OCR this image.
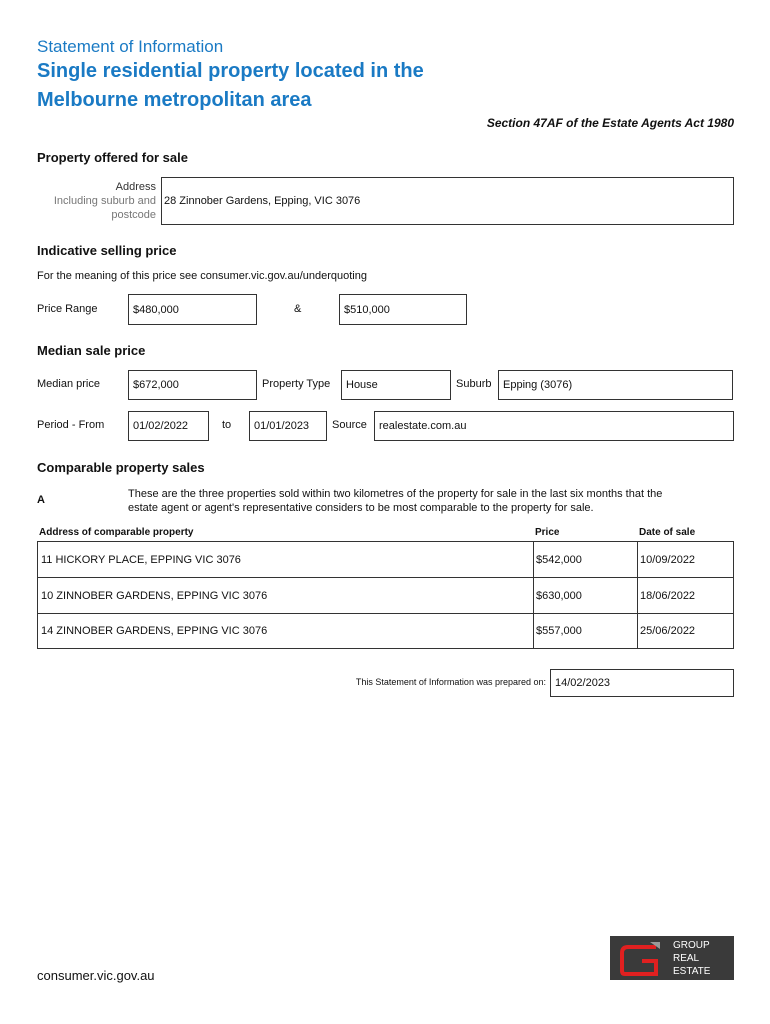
Statement of Information
Single residential property located in the
Melbourne metropolitan area
Section 47AF of the Estate Agents Act 1980
Property offered for sale
Address
Including suburb and
postcode
28 Zinnober Gardens, Epping, VIC 3076
Indicative selling price
For the meaning of this price see consumer.vic.gov.au/underquoting
Price Range	$480,000	&	$510,000
Median sale price
Median price	$672,000	Property Type	House	Suburb	Epping (3076)
Period - From	01/02/2022	to	01/01/2023	Source	realestate.com.au
Comparable property sales
A	These are the three properties sold within two kilometres of the property for sale in the last six months that the
estate agent or agent's representative considers to be most comparable to the property for sale.
Address of comparable property	Price	Date of sale
11 HICKORY PLACE, EPPING VIC 3076	$542,000	10/09/2022
10 ZINNOBER GARDENS, EPPING VIC 3076	$630,000	18/06/2022
14 ZINNOBER GARDENS, EPPING VIC 3076	$557,000	25/06/2022
This Statement of Information was prepared on: 14/02/2023
consumer.vic.gov.au
GROUP
REAL
ESTATE
